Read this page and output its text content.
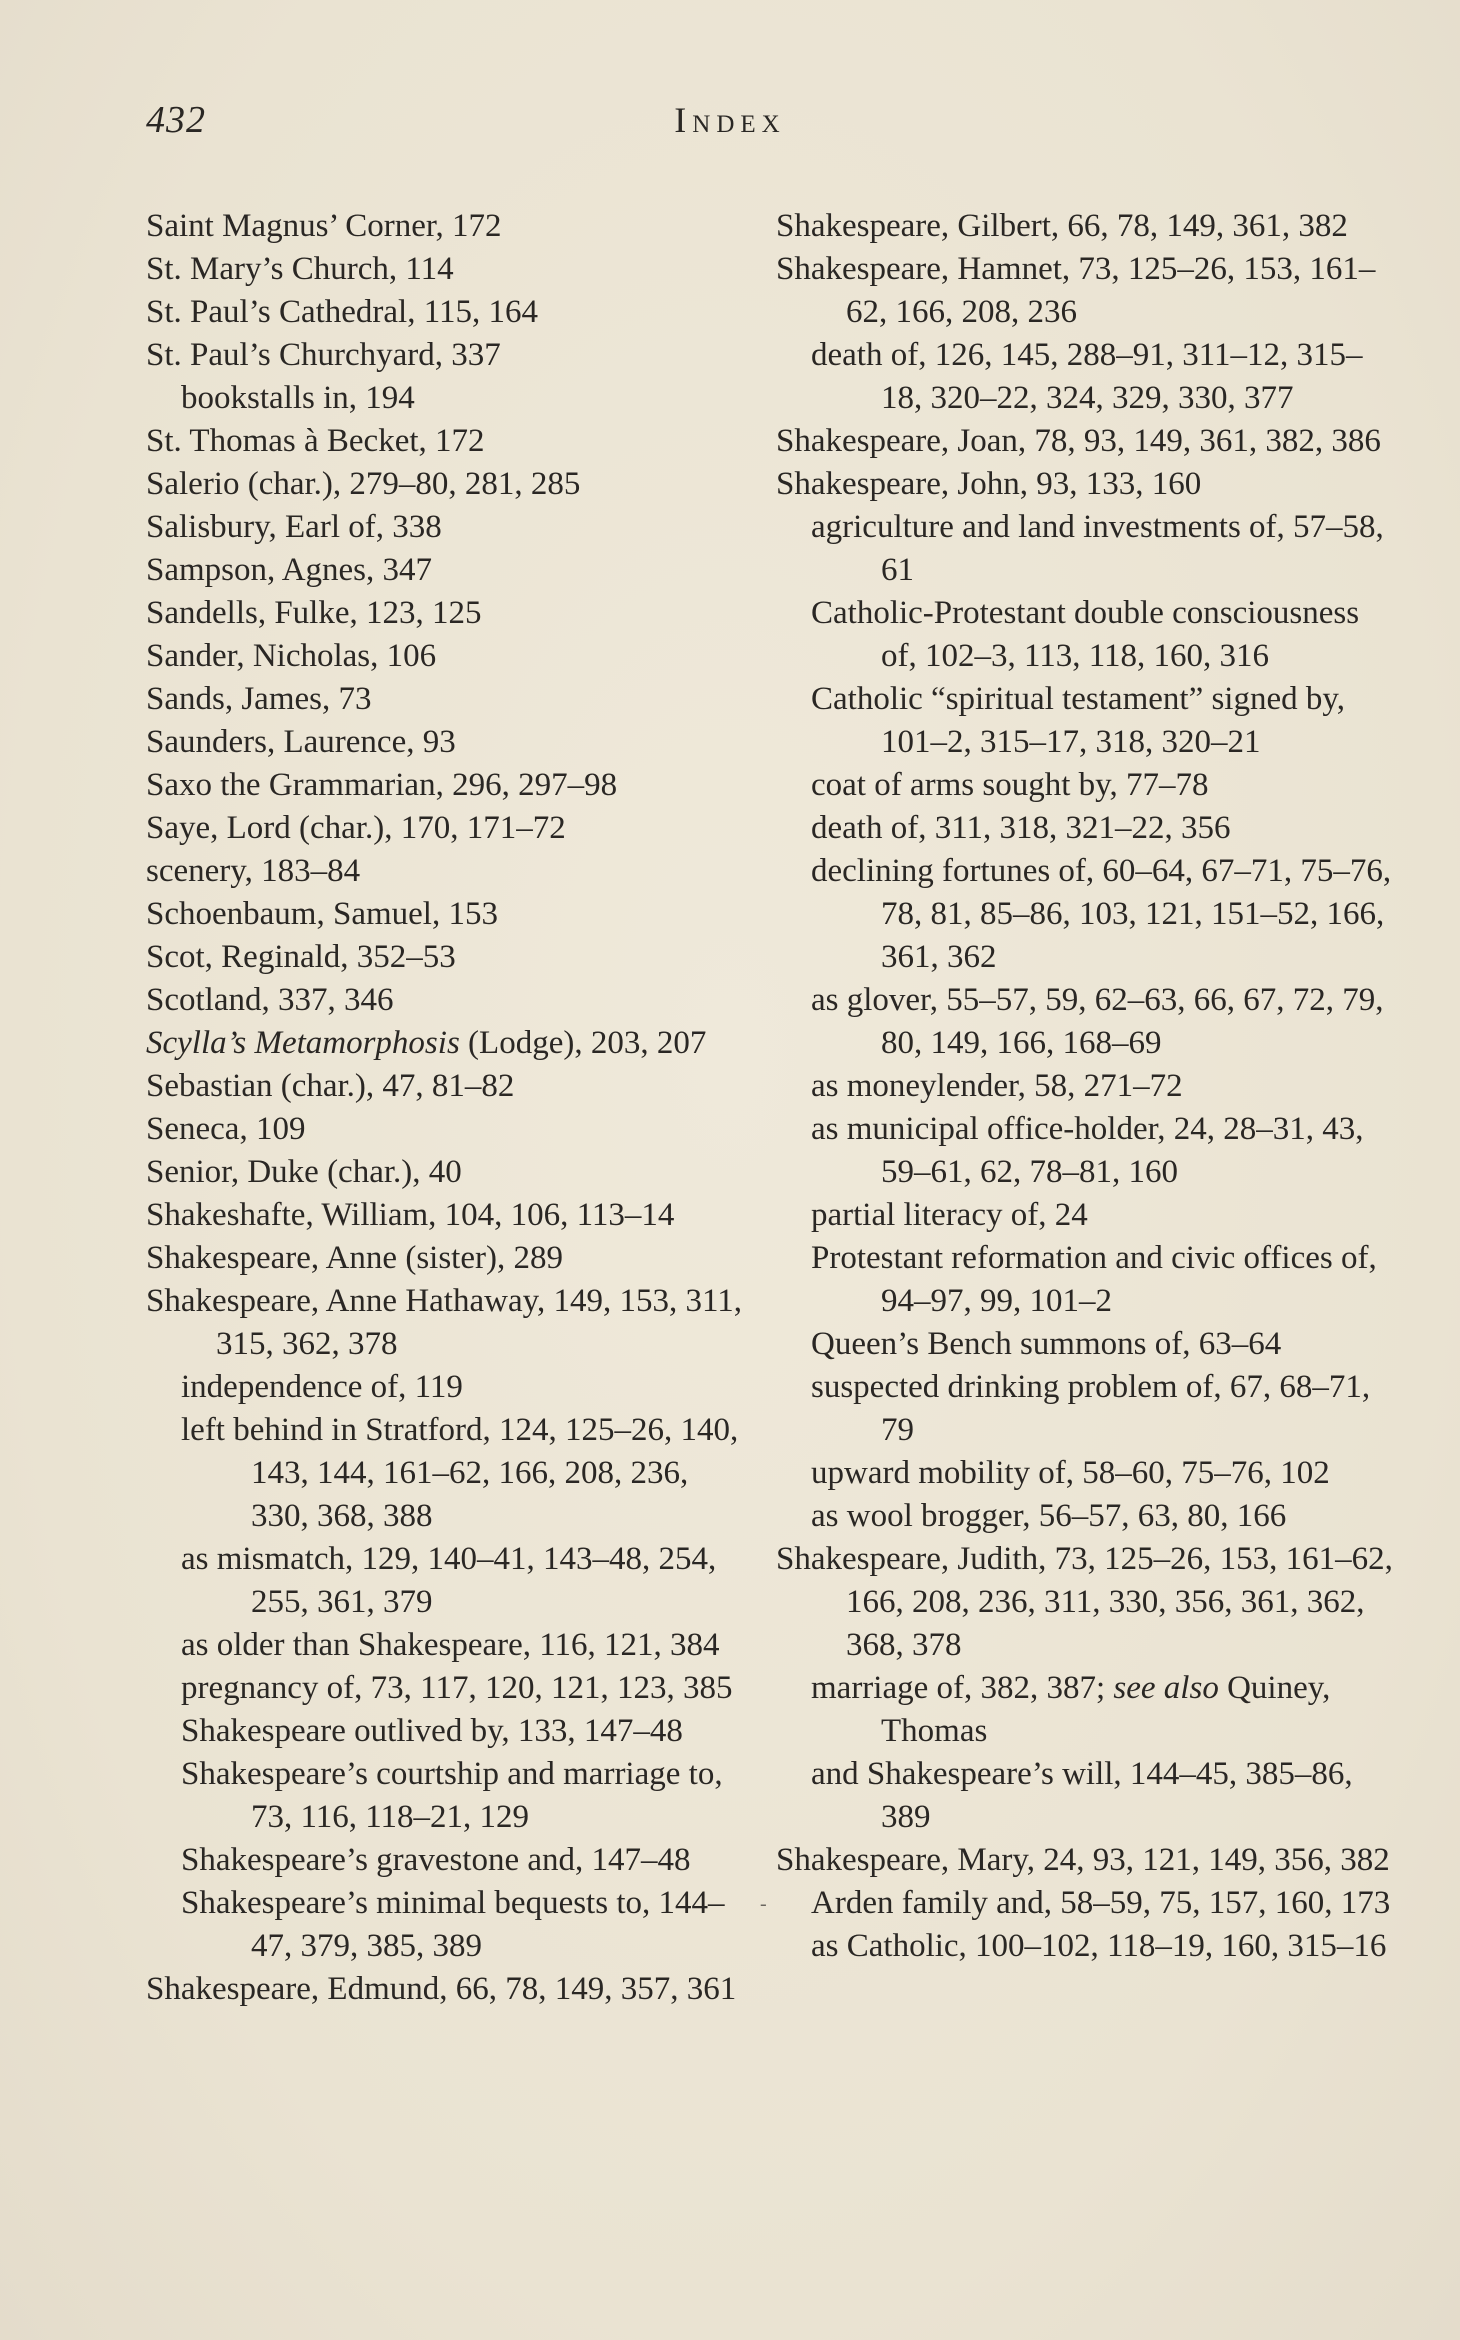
432	Index
Saint Magnus’ Corner, 172
St. Mary’s Church, 114
St. Paul’s Cathedral, 115, 164
St. Paul’s Churchyard, 337
bookstalls in, 194
St. Thomas à Becket, 172
Salerio (char.), 279–80, 281, 285
Salisbury, Earl of, 338
Sampson, Agnes, 347
Sandells, Fulke, 123, 125
Sander, Nicholas, 106
Sands, James, 73
Saunders, Laurence, 93
Saxo the Grammarian, 296, 297–98
Saye, Lord (char.), 170, 171–72
scenery, 183–84
Schoenbaum, Samuel, 153
Scot, Reginald, 352–53
Scotland, 337, 346
Scylla’s Metamorphosis (Lodge), 203, 207
Sebastian (char.), 47, 81–82
Seneca, 109
Senior, Duke (char.), 40
Shakeshafte, William, 104, 106, 113–14
Shakespeare, Anne (sister), 289
Shakespeare, Anne Hathaway, 149, 153, 311, 315, 362, 378
independence of, 119
left behind in Stratford, 124, 125–26, 140, 143, 144, 161–62, 166, 208, 236, 330, 368, 388
as mismatch, 129, 140–41, 143–48, 254, 255, 361, 379
as older than Shakespeare, 116, 121, 384
pregnancy of, 73, 117, 120, 121, 123, 385
Shakespeare outlived by, 133, 147–48
Shakespeare’s courtship and marriage to, 73, 116, 118–21, 129
Shakespeare’s gravestone and, 147–48
Shakespeare’s minimal bequests to, 144–47, 379, 385, 389
Shakespeare, Edmund, 66, 78, 149, 357, 361
Shakespeare, Gilbert, 66, 78, 149, 361, 382
Shakespeare, Hamnet, 73, 125–26, 153, 161–62, 166, 208, 236
death of, 126, 145, 288–91, 311–12, 315–18, 320–22, 324, 329, 330, 377
Shakespeare, Joan, 78, 93, 149, 361, 382, 386
Shakespeare, John, 93, 133, 160
agriculture and land investments of, 57–58, 61
Catholic-Protestant double consciousness of, 102–3, 113, 118, 160, 316
Catholic “spiritual testament” signed by, 101–2, 315–17, 318, 320–21
coat of arms sought by, 77–78
death of, 311, 318, 321–22, 356
declining fortunes of, 60–64, 67–71, 75–76, 78, 81, 85–86, 103, 121, 151–52, 166, 361, 362
as glover, 55–57, 59, 62–63, 66, 67, 72, 79, 80, 149, 166, 168–69
as moneylender, 58, 271–72
as municipal office-holder, 24, 28–31, 43, 59–61, 62, 78–81, 160
partial literacy of, 24
Protestant reformation and civic offices of, 94–97, 99, 101–2
Queen’s Bench summons of, 63–64
suspected drinking problem of, 67, 68–71, 79
upward mobility of, 58–60, 75–76, 102
as wool brogger, 56–57, 63, 80, 166
Shakespeare, Judith, 73, 125–26, 153, 161–62, 166, 208, 236, 311, 330, 356, 361, 362, 368, 378
marriage of, 382, 387; see also Quiney, Thomas
and Shakespeare’s will, 144–45, 385–86, 389
Shakespeare, Mary, 24, 93, 121, 149, 356, 382
Arden family and, 58–59, 75, 157, 160, 173
as Catholic, 100–102, 118–19, 160, 315–16
-
